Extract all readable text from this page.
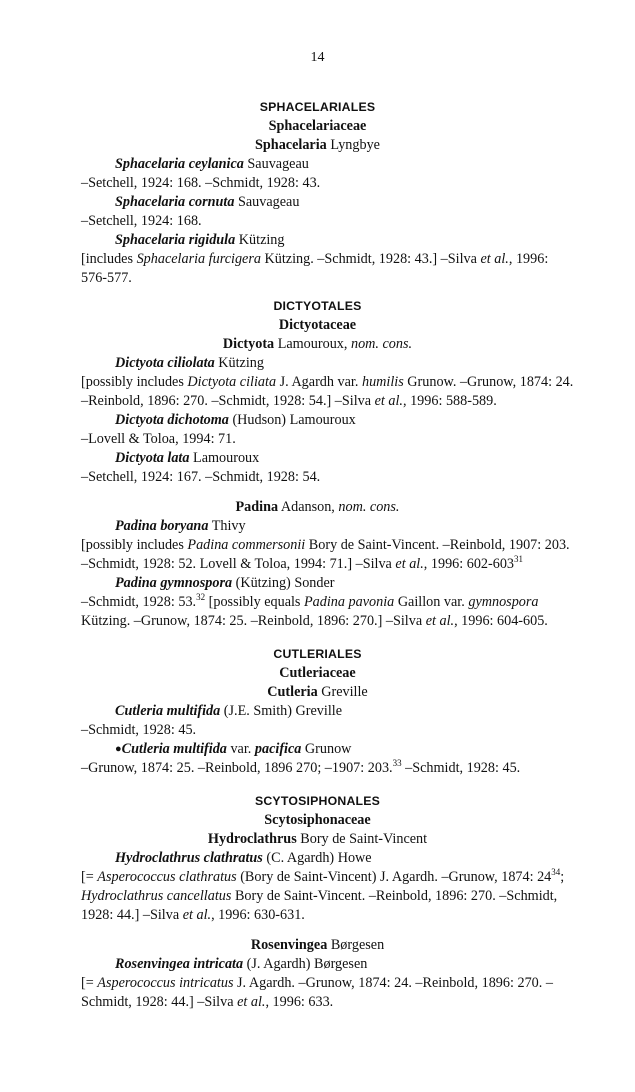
14
SPHACELARIALES
Sphacelariaceae
Sphacelaria Lyngbye
Sphacelaria ceylanica Sauvageau
–Setchell, 1924: 168. –Schmidt, 1928: 43.
Sphacelaria cornuta Sauvageau
–Setchell, 1924: 168.
Sphacelaria rigidula Kützing
[includes Sphacelaria furcigera Kützing. –Schmidt, 1928: 43.] –Silva et al., 1996:
576-577.
DICTYOTALES
Dictyotaceae
Dictyota Lamouroux, nom. cons.
Dictyota ciliolata Kützing
[possibly includes Dictyota ciliata J. Agardh var. humilis Grunow. –Grunow, 1874: 24.
–Reinbold, 1896: 270. –Schmidt, 1928: 54.] –Silva et al., 1996: 588-589.
Dictyota dichotoma (Hudson) Lamouroux
–Lovell & Toloa, 1994: 71.
Dictyota lata Lamouroux
–Setchell, 1924: 167. –Schmidt, 1928: 54.
Padina Adanson, nom. cons.
Padina boryana Thivy
[possibly includes Padina commersonii Bory de Saint-Vincent. –Reinbold, 1907: 203.
–Schmidt, 1928: 52. Lovell & Toloa, 1994: 71.] –Silva et al., 1996: $602-603^{31}$
Padina gymnospora (Kützing) Sonder
–Schmidt, 1928: 53.32 [possibly equals Padina pavonia Gaillon var. gymnospora
Kützing. –Grunow, 1874: 25. –Reinbold, 1896: 270.] –Silva et al., 1996: 604-605.
CUTLERIALES
Cutleriaceae
Cutleria Greville
Cutleria multifida (J.E. Smith) Greville
–Schmidt, 1928: 45.
●Cutleria multifida var. pacifica Grunow
–Grunow, 1874: 25. –Reinbold, 1896 270; –1907: 203.33 –Schmidt, 1928: 45.
SCYTOSIPHONALES
Scytosiphonaceae
Hydroclathrus Bory de Saint-Vincent
Hydroclathrus clathratus (C. Agardh) Howe
[= Asperococcus clathratus (Bory de Saint-Vincent) J. Agardh. –Grunow, 1874: $24^{34}$;
Hydroclathrus cancellatus Bory de Saint-Vincent. –Reinbold, 1896: 270. –Schmidt,
1928: 44.] –Silva et al., 1996: 630-631.
Rosenvingea Børgesen
Rosenvingea intricata (J. Agardh) Børgesen
[= Asperococcus intricatus J. Agardh. –Grunow, 1874: 24. –Reinbold, 1896: 270. –
Schmidt, 1928: 44.] –Silva et al., 1996: 633.
